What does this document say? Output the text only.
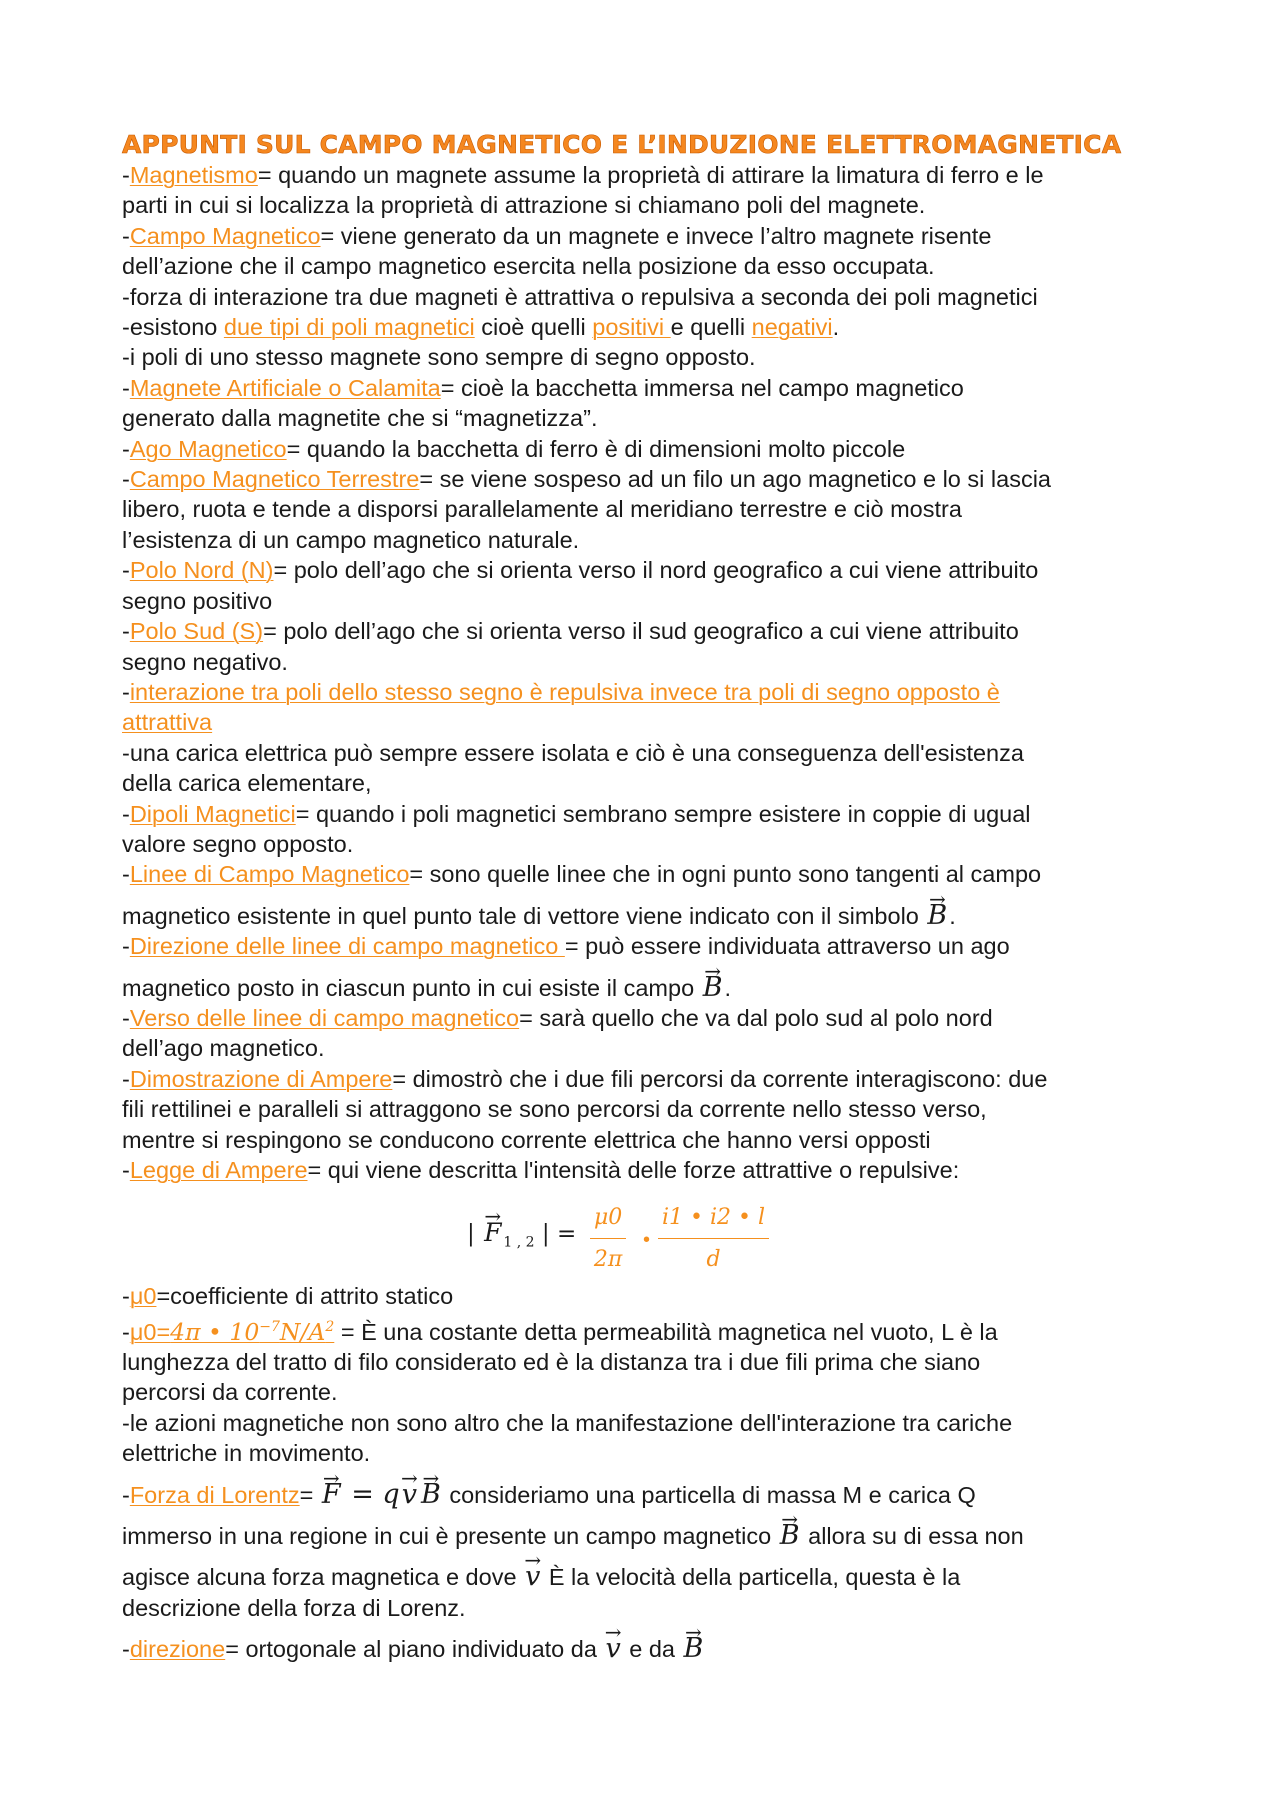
APPUNTI SUL CAMPO MAGNETICO E L’INDUZIONE ELETTROMAGNETICA

-Magnetismo= quando un magnete assume la proprietà di attirare la limatura di ferro e le

parti in cui si localizza la proprietà di attrazione si chiamano poli del magnete.

-Campo Magnetico= viene generato da un magnete e invece l’altro magnete risente

dell’azione che il campo magnetico esercita nella posizione da esso occupata.

-forza di interazione tra due magneti è attrattiva o repulsiva a seconda dei poli magnetici

-esistono due tipi di poli magnetici cioè quelli positivi e quelli negativi.

-i poli di uno stesso magnete sono sempre di segno opposto.

-Magnete Artificiale o Calamita= cioè la bacchetta immersa nel campo magnetico

generato dalla magnetite che si “magnetizza”.

-Ago Magnetico= quando la bacchetta di ferro è di dimensioni molto piccole

-Campo Magnetico Terrestre= se viene sospeso ad un filo un ago magnetico e lo si lascia

libero, ruota e tende a disporsi parallelamente al meridiano terrestre e ciò mostra

l’esistenza di un campo magnetico naturale.

-Polo Nord (N)= polo dell’ago che si orienta verso il nord geografico a cui viene attribuito

segno positivo

-Polo Sud (S)= polo dell’ago che si orienta verso il sud geografico a cui viene attribuito

segno negativo.

-interazione tra poli dello stesso segno è repulsiva invece tra poli di segno opposto è

attrattiva

-una carica elettrica può sempre essere isolata e ciò è una conseguenza dell'esistenza

della carica elementare,

-Dipoli Magnetici= quando i poli magnetici sembrano sempre esistere in coppie di ugual

valore segno opposto.

-Linee di Campo Magnetico= sono quelle linee che in ogni punto sono tangenti al campo

magnetico esistente in quel punto tale di vettore viene indicato con il simbolo → B.

-Direzione delle linee di campo magnetico = può essere individuata attraverso un ago

magnetico posto in ciascun punto in cui esiste il campo → B.

-Verso delle linee di campo magnetico= sarà quello che va dal polo sud al polo nord

dell’ago magnetico.

-Dimostrazione di Ampere= dimostrò che i due fili percorsi da corrente interagiscono: due

fili rettilinei e paralleli si attraggono se sono percorsi da corrente nello stesso verso,

mentre si respingono se conducono corrente elettrica che hanno versi opposti

-Legge di Ampere= qui viene descritta l'intensità delle forze attrattive o repulsive:

| → F $_{1 , 2}$ | = $\frac{\mu 0}{2\pi}$ • $\frac{i1 • i2 • l}{d}$

-μ0=coefficiente di attrito statico

-μ0=4π • $10^{-7}N/A^2$ = È una costante detta permeabilità magnetica nel vuoto, L è la

lunghezza del tratto di filo considerato ed è la distanza tra i due fili prima che siano

percorsi da corrente.

-le azioni magnetiche non sono altro che la manifestazione dell'interazione tra cariche

elettriche in movimento.

-Forza di Lorentz= → F = q→ v→ B consideriamo una particella di massa M e carica Q

immerso in una regione in cui è presente un campo magnetico → B allora su di essa non

agisce alcuna forza magnetica e dove → v È la velocità della particella, questa è la

descrizione della forza di Lorenz.

-direzione= ortogonale al piano individuato da → v e da → B
